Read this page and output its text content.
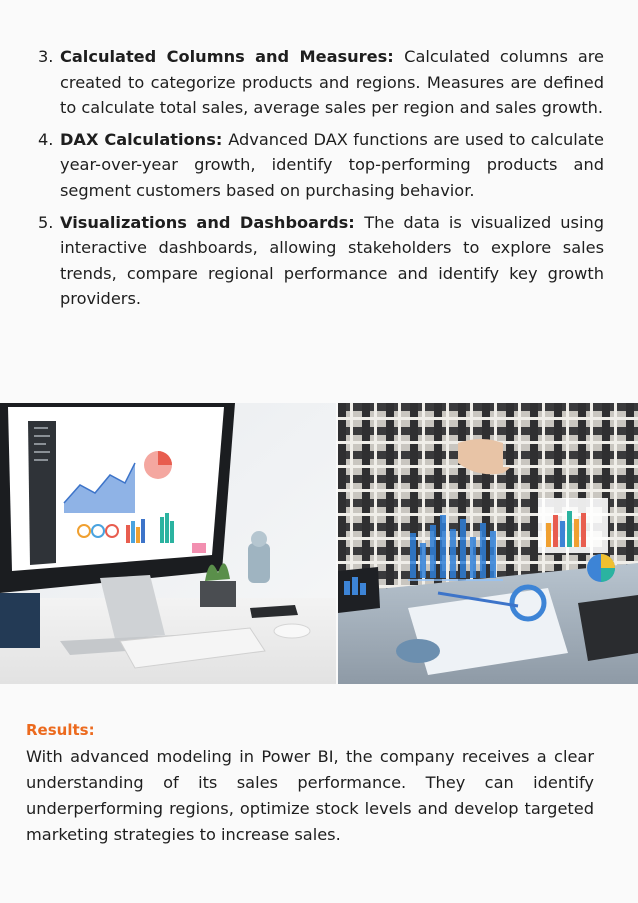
3. Calculated Columns and Measures: Calculated columns are created to categorize products and regions. Measures are defined to calculate total sales, average sales per region and sales growth.
4. DAX Calculations: Advanced DAX functions are used to calculate year-over-year growth, identify top-performing products and segment customers based on purchasing behavior.
5. Visualizations and Dashboards: The data is visualized using interactive dashboards, allowing stakeholders to explore sales trends, compare regional performance and identify key growth providers.
Results:

With advanced modeling in Power BI, the company receives a clear understanding of its sales performance. They can identify underperforming regions, optimize stock levels and develop targeted marketing strategies to increase sales.
